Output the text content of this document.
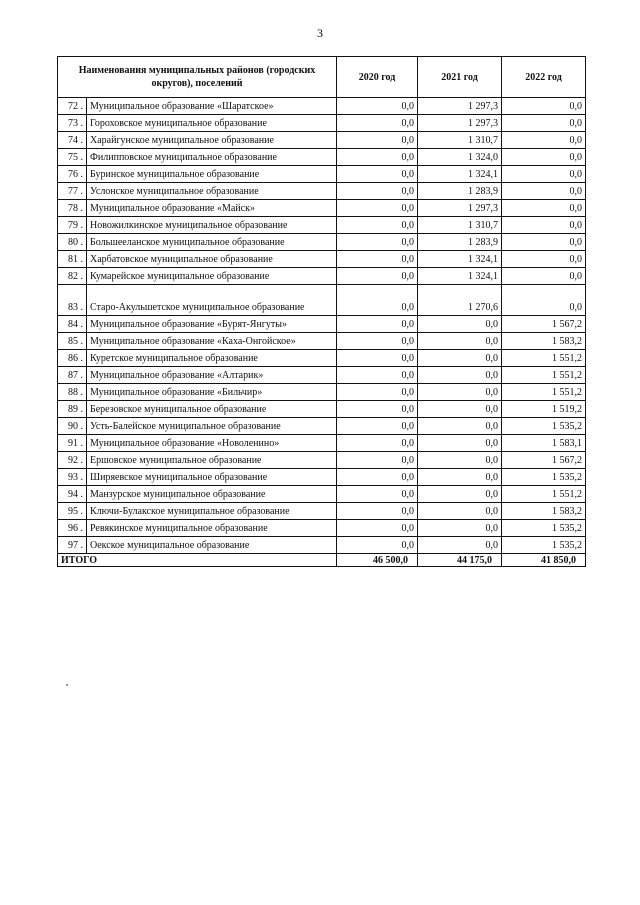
3
Наименования муниципальных районов (городских округов), поселений		2020 год	2021 год	2022 год
72 .	Муниципальное образование «Шаратское»	0,0	1 297,3	0,0
73 .	Гороховское муниципальное образование	0,0	1 297,3	0,0
74 .	Харайгунское муниципальное образование	0,0	1 310,7	0,0
75 .	Филипповское муниципальное образование	0,0	1 324,0	0,0
76 .	Буринское муниципальное образование	0,0	1 324,1	0,0
77 .	Услонское муниципальное образование	0,0	1 283,9	0,0
78 .	Муниципальное образование «Майск»	0,0	1 297,3	0,0
79 .	Новожилкинское муниципальное образование	0,0	1 310,7	0,0
80 .	Большееланское муниципальное образование	0,0	1 283,9	0,0
81 .	Харбатовское муниципальное образование	0,0	1 324,1	0,0
82 .	Кумарейское муниципальное образование	0,0	1 324,1	0,0
83 .	Старо-Акульшетское муниципальное образование	0,0	1 270,6	0,0
84 .	Муниципальное образование «Бурят-Янгуты»	0,0	0,0	1 567,2
85 .	Муниципальное образование «Каха-Онгойское»	0,0	0,0	1 583,2
86 .	Куретское муниципальное образование	0,0	0,0	1 551,2
87 .	Муниципальное образование «Алтарик»	0,0	0,0	1 551,2
88 .	Муниципальное образование «Бильчир»	0,0	0,0	1 551,2
89 .	Березовское муниципальное образование	0,0	0,0	1 519,2
90 .	Усть-Балейское муниципальное образование	0,0	0,0	1 535,2
91 .	Муниципальное образование «Новоленино»	0,0	0,0	1 583,1
92 .	Ершовское муниципальное образование	0,0	0,0	1 567,2
93 .	Ширяевское муниципальное образование	0,0	0,0	1 535,2
94 .	Манзурское муниципальное образование	0,0	0,0	1 551,2
95 .	Ключи-Булакское муниципальное образование	0,0	0,0	1 583,2
96 .	Ревякинское муниципальное образование	0,0	0,0	1 535,2
97 .	Оекское муниципальное образование	0,0	0,0	1 535,2
ИТОГО		46 500,0	44 175,0	41 850,0
